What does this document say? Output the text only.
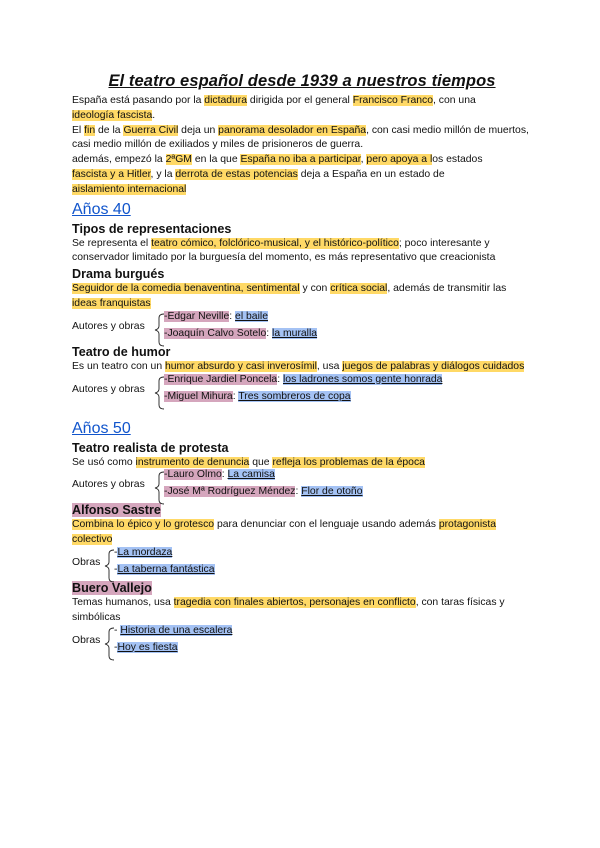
El teatro español desde 1939 a nuestros tiempos

España está pasando por la dictadura dirigida por el general Francisco Franco, con una
ideología fascista.
El fin de la Guerra Civil deja un panorama desolador en España, con casi medio millón de muertos, casi medio millón de exiliados y miles de prisioneros de guerra.
además, empezó la 2ªGM en la que España no iba a participar, pero apoya a los estados
fascista y a Hitler, y la derrota de estas potencias deja a España en un estado de
aislamiento internacional

Años 40
Tipos de representaciones

Se representa el teatro cómico, folclórico-musical, y el histórico-político; poco interesante y conservador limitado por la burguesía del momento, es más representativo que creacionista

Drama burgués

Seguidor de la comedia benaventina, sentimental y con crítica social, además de transmitir las ideas franquistas

Autores y obras
-Edgar Neville: el baile
-Joaquín Calvo Sotelo: la muralla
Teatro de humor

Es un teatro con un humor absurdo y casi inverosímil, usa juegos de palabras y diálogos cuidados

Autores y obras
-Enrique Jardiel Poncela: los ladrones somos gente honrada
-Miguel Mihura: Tres sombreros de copa
Años 50
Teatro realista de protesta

Se usó como instrumento de denuncia que refleja los problemas de la época

Autores y obras
-Lauro Olmo: La camisa
-José Mª Rodríguez Méndez: Flor de otoño
Alfonso Sastre

Combina lo épico y lo grotesco para denunciar con el lenguaje usando además protagonista colectivo

Obras
-La mordaza
-La taberna fantástica
Buero Vallejo

Temas humanos, usa tragedia con finales abiertos, personajes en conflicto, con taras físicas y simbólicas

Obras
- Historia de una escalera
-Hoy es fiesta
